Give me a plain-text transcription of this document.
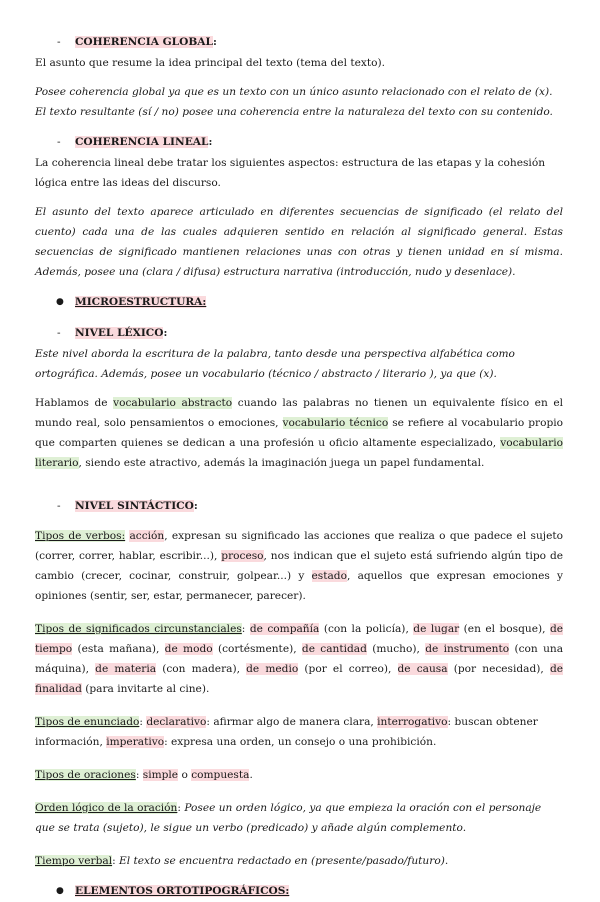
- COHERENCIA GLOBAL:

El asunto que resume la idea principal del texto (tema del texto).

Posee coherencia global ya que es un texto con un único asunto relacionado con el relato de (x). El texto resultante (sí / no) posee una coherencia entre la naturaleza del texto con su contenido.

- COHERENCIA LINEAL:

La coherencia lineal debe tratar los siguientes aspectos: estructura de las etapas y la cohesión lógica entre las ideas del discurso.

El asunto del texto aparece articulado en diferentes secuencias de significado (el relato del cuento) cada una de las cuales adquieren sentido en relación al significado general. Estas secuencias de significado mantienen relaciones unas con otras y tienen unidad en sí misma. Además, posee una (clara / difusa) estructura narrativa (introducción, nudo y desenlace).

● MICROESTRUCTURA:
- NIVEL LÉXICO:

Este nivel aborda la escritura de la palabra, tanto desde una perspectiva alfabética como ortográfica. Además, posee un vocabulario (técnico / abstracto / literario ), ya que (x).

Hablamos de vocabulario abstracto cuando las palabras no tienen un equivalente físico en el mundo real, solo pensamientos o emociones, vocabulario técnico se refiere al vocabulario propio que comparten quienes se dedican a una profesión u oficio altamente especializado, vocabulario literario, siendo este atractivo, además la imaginación juega un papel fundamental.

- NIVEL SINTÁCTICO:

Tipos de verbos: acción, expresan su significado las acciones que realiza o que padece el sujeto (correr, correr, hablar, escribir...), proceso, nos indican que el sujeto está sufriendo algún tipo de cambio (crecer, cocinar, construir, golpear...) y estado, aquellos que expresan emociones y opiniones (sentir, ser, estar, permanecer, parecer).

Tipos de significados circunstanciales: de compañía (con la policía), de lugar (en el bosque), de tiempo (esta mañana), de modo (cortésmente), de cantidad (mucho), de instrumento (con una máquina), de materia (con madera), de medio (por el correo), de causa (por necesidad), de finalidad (para invitarte al cine).

Tipos de enunciado: declarativo: afirmar algo de manera clara, interrogativo: buscan obtener información, imperativo: expresa una orden, un consejo o una prohibición.

Tipos de oraciones: simple o compuesta.

Orden lógico de la oración: Posee un orden lógico, ya que empieza la oración con el personaje que se trata (sujeto), le sigue un verbo (predicado) y añade algún complemento.

Tiempo verbal: El texto se encuentra redactado en (presente/pasado/futuro).

● ELEMENTOS ORTOTIPOGRÁFICOS:
